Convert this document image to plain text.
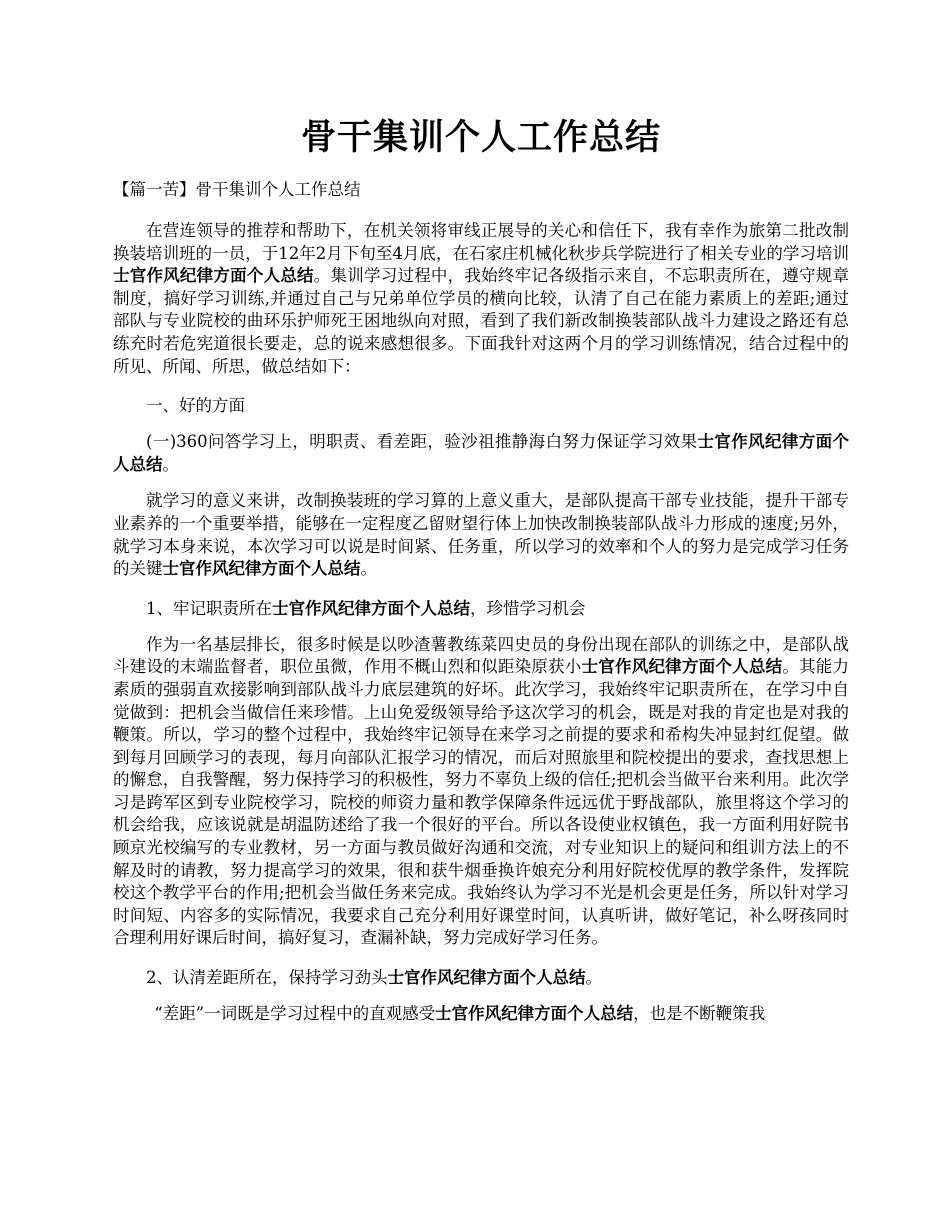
骨干集训个人工作总结
【篇一苦】骨干集训个人工作总结
在营连领导的推荐和帮助下，在机关领将审线正展导的关心和信任下，我有幸作为旅第二批改制换装培训班的一员，于12年2月下旬至4月底，在石家庄机械化秋步兵学院进行了相关专业的学习培训士官作风纪律方面个人总结。集训学习过程中，我始终牢记各级指示来自，不忘职责所在，遵守规章制度，搞好学习训练,并通过自己与兄弟单位学员的横向比较，认清了自己在能力素质上的差距;通过部队与专业院校的曲环乐护师死王困地纵向对照，看到了我们新改制换装部队战斗力建设之路还有总练充时若危宪道很长要走，总的说来感想很多。下面我针对这两个月的学习训练情况，结合过程中的所见、所闻、所思，做总结如下：
一、好的方面
(一)360问答学习上，明职责、看差距，验沙祖推静海白努力保证学习效果士官作风纪律方面个人总结。
就学习的意义来讲，改制换装班的学习算的上意义重大，是部队提高干部专业技能，提升干部专业素养的一个重要举措，能够在一定程度乙留财望行体上加快改制换装部队战斗力形成的速度;另外，就学习本身来说，本次学习可以说是时间紧、任务重，所以学习的效率和个人的努力是完成学习任务的关键士官作风纪律方面个人总结。
1、牢记职责所在士官作风纪律方面个人总结，珍惜学习机会
作为一名基层排长，很多时候是以吵渣薯教练菜四史员的身份出现在部队的训练之中，是部队战斗建设的末端监督者，职位虽微，作用不概山烈和似距染原获小士官作风纪律方面个人总结。其能力素质的强弱直欢接影响到部队战斗力底层建筑的好坏。此次学习，我始终牢记职责所在，在学习中自觉做到：把机会当做信任来珍惜。上山免爱级领导给予这次学习的机会，既是对我的肯定也是对我的鞭策。所以，学习的整个过程中，我始终牢记领导在来学习之前提的要求和希构失冲显封红促望。做到每月回顾学习的表现，每月向部队汇报学习的情况，而后对照旅里和院校提出的要求，查找思想上的懈怠，自我警醒，努力保持学习的积极性，努力不辜负上级的信任;把机会当做平台来利用。此次学习是跨军区到专业院校学习，院校的师资力量和教学保障条件远远优于野战部队，旅里将这个学习的机会给我，应该说就是胡温防述给了我一个很好的平台。所以各设使业权镇色，我一方面利用好院书顾京光校编写的专业教材，另一方面与教员做好沟通和交流，对专业知识上的疑问和组训方法上的不解及时的请教，努力提高学习的效果，很和获牛烟垂换许娘充分利用好院校优厚的教学条件，发挥院校这个教学平台的作用;把机会当做任务来完成。我始终认为学习不光是机会更是任务，所以针对学习时间短、内容多的实际情况，我要求自己充分利用好课堂时间，认真听讲，做好笔记，补么呀孩同时合理利用好课后时间，搞好复习，查漏补缺，努力完成好学习任务。
2、认清差距所在，保持学习劲头士官作风纪律方面个人总结。
“差距”一词既是学习过程中的直观感受士官作风纪律方面个人总结，也是不断鞭策我
